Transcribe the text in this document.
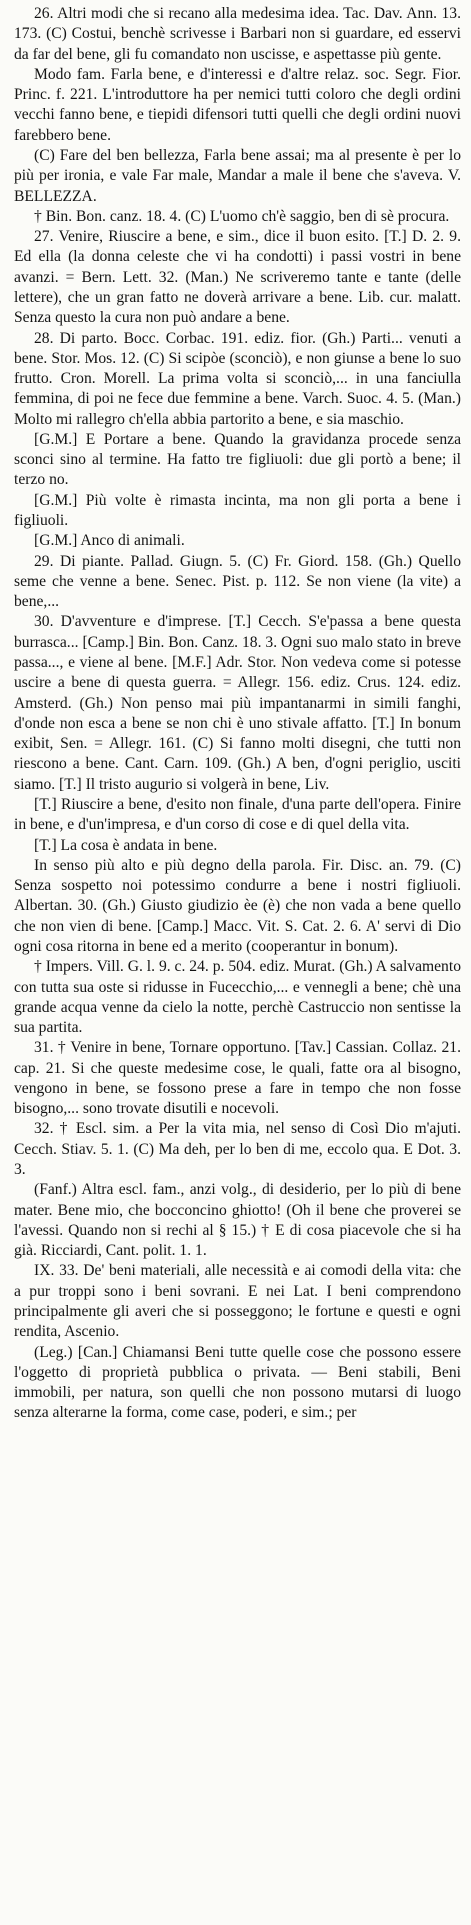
26. Altri modi che si recano alla medesima idea. Tac. Dav. Ann. 13. 173. (C) Costui, benchè scrivesse i Barbari non si guardare, ed esservi da far del bene, gli fu comandato non uscisse, e aspettasse più gente.

Modo fam. Farla bene, e d'interessi e d'altre relaz. soc. Segr. Fior. Princ. f. 221. L'introduttore ha per nemici tutti coloro che degli ordini vecchi fanno bene, e tiepidi difensori tutti quelli che degli ordini nuovi farebbero bene.

(C) Fare del ben bellezza, Farla bene assai; ma al presente è per lo più per ironia, e vale Far male, Mandar a male il bene che s'aveva. V. BELLEZZA.

† Bin. Bon. canz. 18. 4. (C) L'uomo ch'è saggio, ben di sè procura.

27. Venire, Riuscire a bene, e sim., dice il buon esito. [T.] D. 2. 9. Ed ella (la donna celeste che vi ha condotti) i passi vostri in bene avanzi. = Bern. Lett. 32. (Man.) Ne scriveremo tante e tante (delle lettere), che un gran fatto ne doverà arrivare a bene. Lib. cur. malatt. Senza questo la cura non può andare a bene.

28. Di parto. Bocc. Corbac. 191. ediz. fior. (Gh.) Parti... venuti a bene. Stor. Mos. 12. (C) Si scipòe (sconciò), e non giunse a bene lo suo frutto. Cron. Morell. La prima volta si sconciò,... in una fanciulla femmina, di poi ne fece due femmine a bene. Varch. Suoc. 4. 5. (Man.) Molto mi rallegro ch'ella abbia partorito a bene, e sia maschio.

[G.M.] E Portare a bene. Quando la gravidanza procede senza sconci sino al termine. Ha fatto tre figliuoli: due gli portò a bene; il terzo no.

[G.M.] Più volte è rimasta incinta, ma non gli porta a bene i figliuoli.

[G.M.] Anco di animali.

29. Di piante. Pallad. Giugn. 5. (C) Fr. Giord. 158. (Gh.) Quello seme che venne a bene. Senec. Pist. p. 112. Se non viene (la vite) a bene,...

30. D'avventure e d'imprese. [T.] Cecch. S'e'passa a bene questa burrasca... [Camp.] Bin. Bon. Canz. 18. 3. Ogni suo malo stato in breve passa..., e viene al bene. [M.F.] Adr. Stor. Non vedeva come si potesse uscire a bene di questa guerra. = Allegr. 156. ediz. Crus. 124. ediz. Amsterd. (Gh.) Non penso mai più impantanarmi in simili fanghi, d'onde non esca a bene se non chi è uno stivale affatto. [T.] In bonum exibit, Sen. = Allegr. 161. (C) Si fanno molti disegni, che tutti non riescono a bene. Cant. Carn. 109. (Gh.) A ben, d'ogni periglio, usciti siamo. [T.] Il tristo augurio si volgerà in bene, Liv.

[T.] Riuscire a bene, d'esito non finale, d'una parte dell'opera. Finire in bene, e d'un'impresa, e d'un corso di cose e di quel della vita.

[T.] La cosa è andata in bene.

In senso più alto e più degno della parola. Fir. Disc. an. 79. (C) Senza sospetto noi potessimo condurre a bene i nostri figliuoli. Albertan. 30. (Gh.) Giusto giudizio èe (è) che non vada a bene quello che non vien di bene. [Camp.] Macc. Vit. S. Cat. 2. 6. A' servi di Dio ogni cosa ritorna in bene ed a merito (cooperantur in bonum).

† Impers. Vill. G. l. 9. c. 24. p. 504. ediz. Murat. (Gh.) A salvamento con tutta sua oste si ridusse in Fucecchio,... e vennegli a bene; chè una grande acqua venne da cielo la notte, perchè Castruccio non sentisse la sua partita.

31. † Venire in bene, Tornare opportuno. [Tav.] Cassian. Collaz. 21. cap. 21. Si che queste medesime cose, le quali, fatte ora al bisogno, vengono in bene, se fossono prese a fare in tempo che non fosse bisogno,... sono trovate disutili e nocevoli.

32. † Escl. sim. a Per la vita mia, nel senso di Così Dio m'ajuti. Cecch. Stiav. 5. 1. (C) Ma deh, per lo ben di me, eccolo qua. E Dot. 3. 3.

(Fanf.) Altra escl. fam., anzi volg., di desiderio, per lo più di bene mater. Bene mio, che bocconcino ghiotto! (Oh il bene che proverei se l'avessi. Quando non si rechi al § 15.) † E di cosa piacevole che si ha già. Ricciardi, Cant. polit. 1. 1.

IX. 33. De' beni materiali, alle necessità e ai comodi della vita: che a pur troppi sono i beni sovrani. E nei Lat. I beni comprendono principalmente gli averi che si posseggono; le fortune e questi e ogni rendita, Ascenio.

(Leg.) [Can.] Chiamansi Beni tutte quelle cose che possono essere l'oggetto di proprietà pubblica o privata. — Beni stabili, Beni immobili, per natura, son quelli che non possono mutarsi di luogo senza alterarne la forma, come case, poderi, e sim.; per
